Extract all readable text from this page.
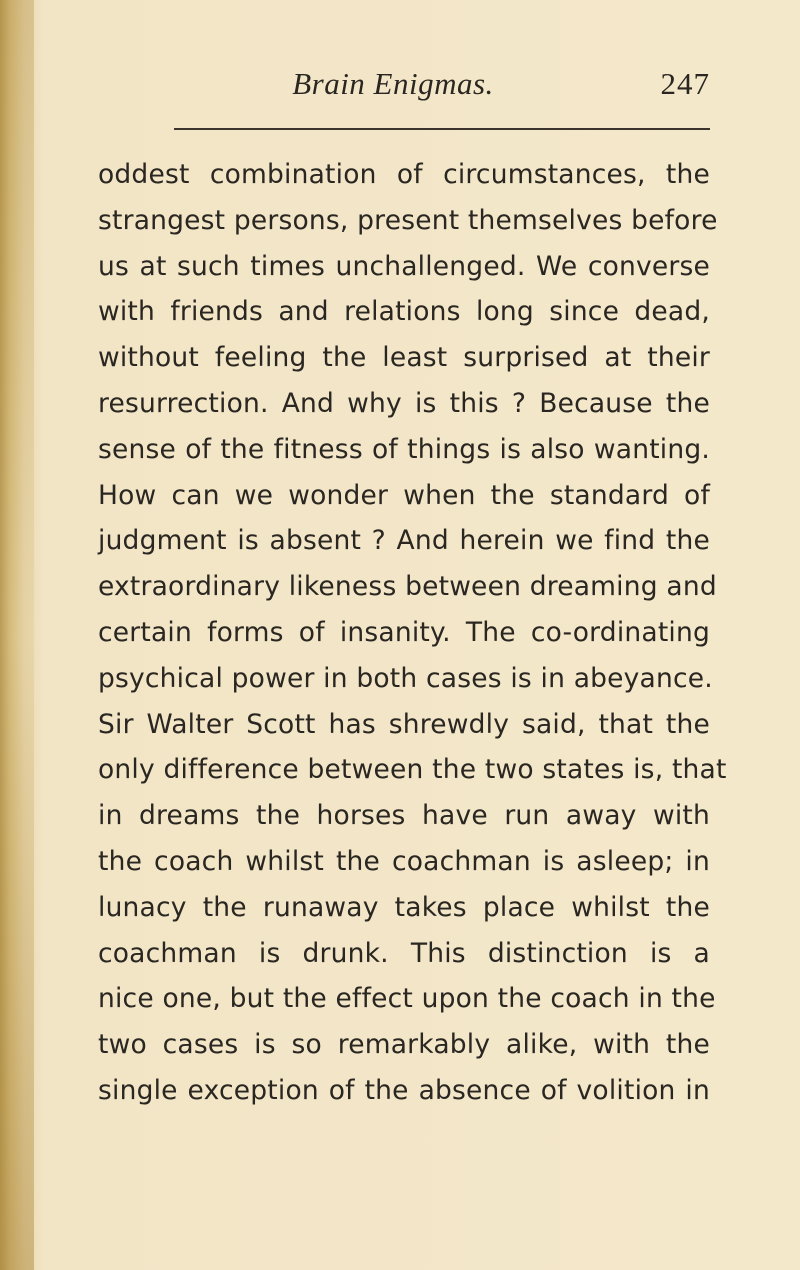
Brain Enigmas.	247
oddest combination of circumstances, the
strangest persons, present themselves before
us at such times unchallenged. We converse
with friends and relations long since dead,
without feeling the least surprised at their
resurrection. And why is this ? Because the
sense of the fitness of things is also wanting.
How can we wonder when the standard of
judgment is absent ? And herein we find the
extraordinary likeness between dreaming and
certain forms of insanity. The co-ordinating
psychical power in both cases is in abeyance.
Sir Walter Scott has shrewdly said, that the
only difference between the two states is, that
in dreams the horses have run away with
the coach whilst the coachman is asleep; in
lunacy the runaway takes place whilst the
coachman is drunk. This distinction is a
nice one, but the effect upon the coach in the
two cases is so remarkably alike, with the
single exception of the absence of volition in
